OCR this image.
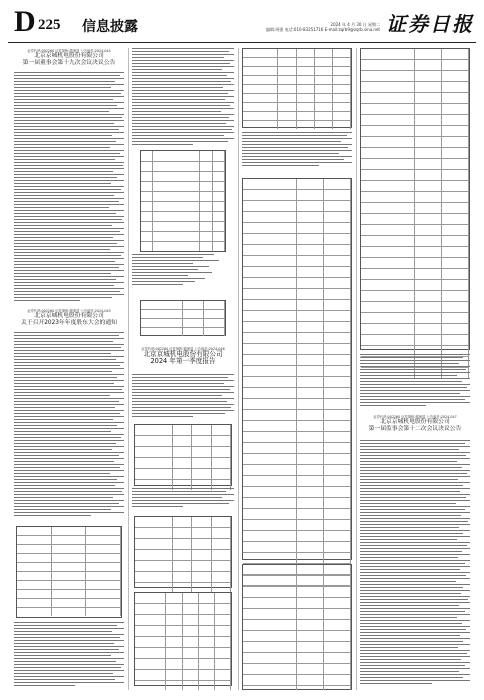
D 225 信息披露	2024 年 4 月 30 日 星期二
编辑:周强 电话:010-83251716 E-mail:zqrb9@zqrb.sina.net 证券日报
证券代码:002260 证券简称:德奥退 公告编号:2024-044
北京京城机电股份有限公司
第一届董事会第十九次会议决议公告
证券代码:002260 证券简称:德奥退 公告编号:2024-045
北京京城机电股份有限公司
关于召开2023年年度股东大会的通知
证券代码:002260 证券简称:德奥退 公告编号:2024-046
北京京城机电股份有限公司
2024 年第一季度报告
证券代码:002260 证券简称:德奥退 公告编号:2024-047
北京京城机电股份有限公司
第一届监事会第十二次会议决议公告
